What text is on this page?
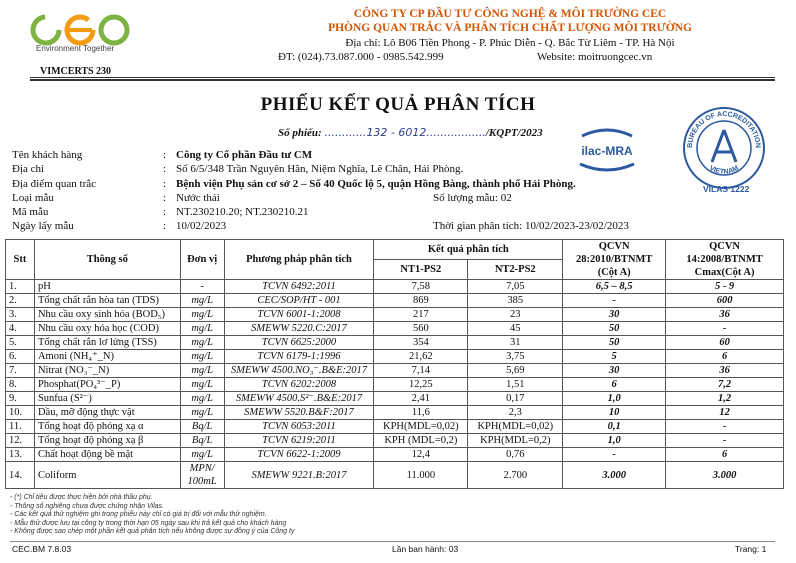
Environment Together
VIMCERTS 230
CÔNG TY CP ĐẦU TƯ CÔNG NGHỆ & MÔI TRƯỜNG CEC
PHÒNG QUAN TRẮC VÀ PHÂN TÍCH CHẤT LƯỢNG MÔI TRƯỜNG
Địa chỉ: Lô B06 Tiền Phong - P. Phúc Diễn - Q. Bắc Từ Liêm - TP. Hà Nội
ĐT: (024).73.087.000 - 0985.542.999	Website: moitruongcec.vn
PHIẾU KẾT QUẢ PHÂN TÍCH
Số phiếu: ............132 - 6012................./KQPT/2023
ilac-MRA	BUREAU OF ACCREDITATION
VIETNAM
VILAS 1222
Tên khách hàng	: Công ty Cổ phần Đầu tư CM
Địa chỉ	: Số 6/5/348 Trần Nguyên Hãn, Niệm Nghĩa, Lê Chân, Hải Phòng.
Địa điểm quan trắc	: Bệnh viện Phụ sản cơ sở 2 – Số 40 Quốc lộ 5, quận Hồng Bàng, thành phố Hải Phòng.
Loại mẫu	: Nước thải	Số lượng mẫu: 02
Mã mẫu	: NT.230210.20; NT.230210.21
Ngày lấy mẫu	: 10/02/2023	Thời gian phân tích: 10/02/2023-23/02/2023
Stt	Thông số	Đơn vị	Phương pháp phân tích	Kết quả phân tích		QCVN
28:2010/BTNMT
(Cột A)	QCVN
14:2008/BTNMT
Cmax(Cột A)
				NT1-PS2	NT2-PS2		
1.	pH	-	TCVN 6492:2011	7,58	7,05	6,5 – 8,5	5 - 9
2.	Tổng chất rắn hòa tan (TDS)	mg/L	CEC/SOP/HT - 001	869	385	-	600
3.	Nhu cầu oxy sinh hóa (BOD₅)	mg/L	TCVN 6001-1:2008	217	23	30	36
4.	Nhu cầu oxy hóa học (COD)	mg/L	SMEWW 5220.C:2017	560	45	50	-
5.	Tổng chất rắn lơ lửng (TSS)	mg/L	TCVN 6625:2000	354	31	50	60
6.	Amoni (NH₄⁺_N)	mg/L	TCVN 6179-1:1996	21,62	3,75	5	6
7.	Nitrat (NO₃⁻_N)	mg/L	SMEWW 4500.NO₃⁻.B&E:2017	7,14	5,69	30	36
8.	Phosphat(PO₄³⁻_P)	mg/L	TCVN 6202:2008	12,25	1,51	6	7,2
9.	Sunfua (S²⁻)	mg/L	SMEWW 4500.S²⁻.B&E:2017	2,41	0,17	1,0	1,2
10.	Dầu, mỡ động thực vật	mg/L	SMEWW 5520.B&F:2017	11,6	2,3	10	12
11.	Tổng hoạt độ phóng xạ α	Bq/L	TCVN 6053:2011	KPH(MDL=0,02)	KPH(MDL=0,02)	0,1	-
12.	Tổng hoạt độ phóng xạ β	Bq/L	TCVN 6219:2011	KPH (MDL=0,2)	KPH(MDL=0,2)	1,0	-
13.	Chất hoạt động bề mặt	mg/L	TCVN 6622-1:2009	12,4	0,76	-	6
14.	Coliform	MPN/
100mL	SMEWW 9221.B:2017	11.000	2.700	3.000	3.000
- (*) Chỉ tiêu được thực hiện bởi nhà thầu phụ.
- Thông số nghiêng chưa được chứng nhận Vilas.
- Các kết quả thử nghiệm ghi trong phiếu này chỉ có giá trị đối với mẫu thử nghiệm.
- Mẫu thử được lưu tại công ty trong thời hạn 05 ngày sau khi trả kết quả cho khách hàng
- Không được sao chép một phần kết quả phân tích nếu không được sự đồng ý của Công ty
CEC.BM 7.8.03	Lần ban hành: 03	Trang: 1
